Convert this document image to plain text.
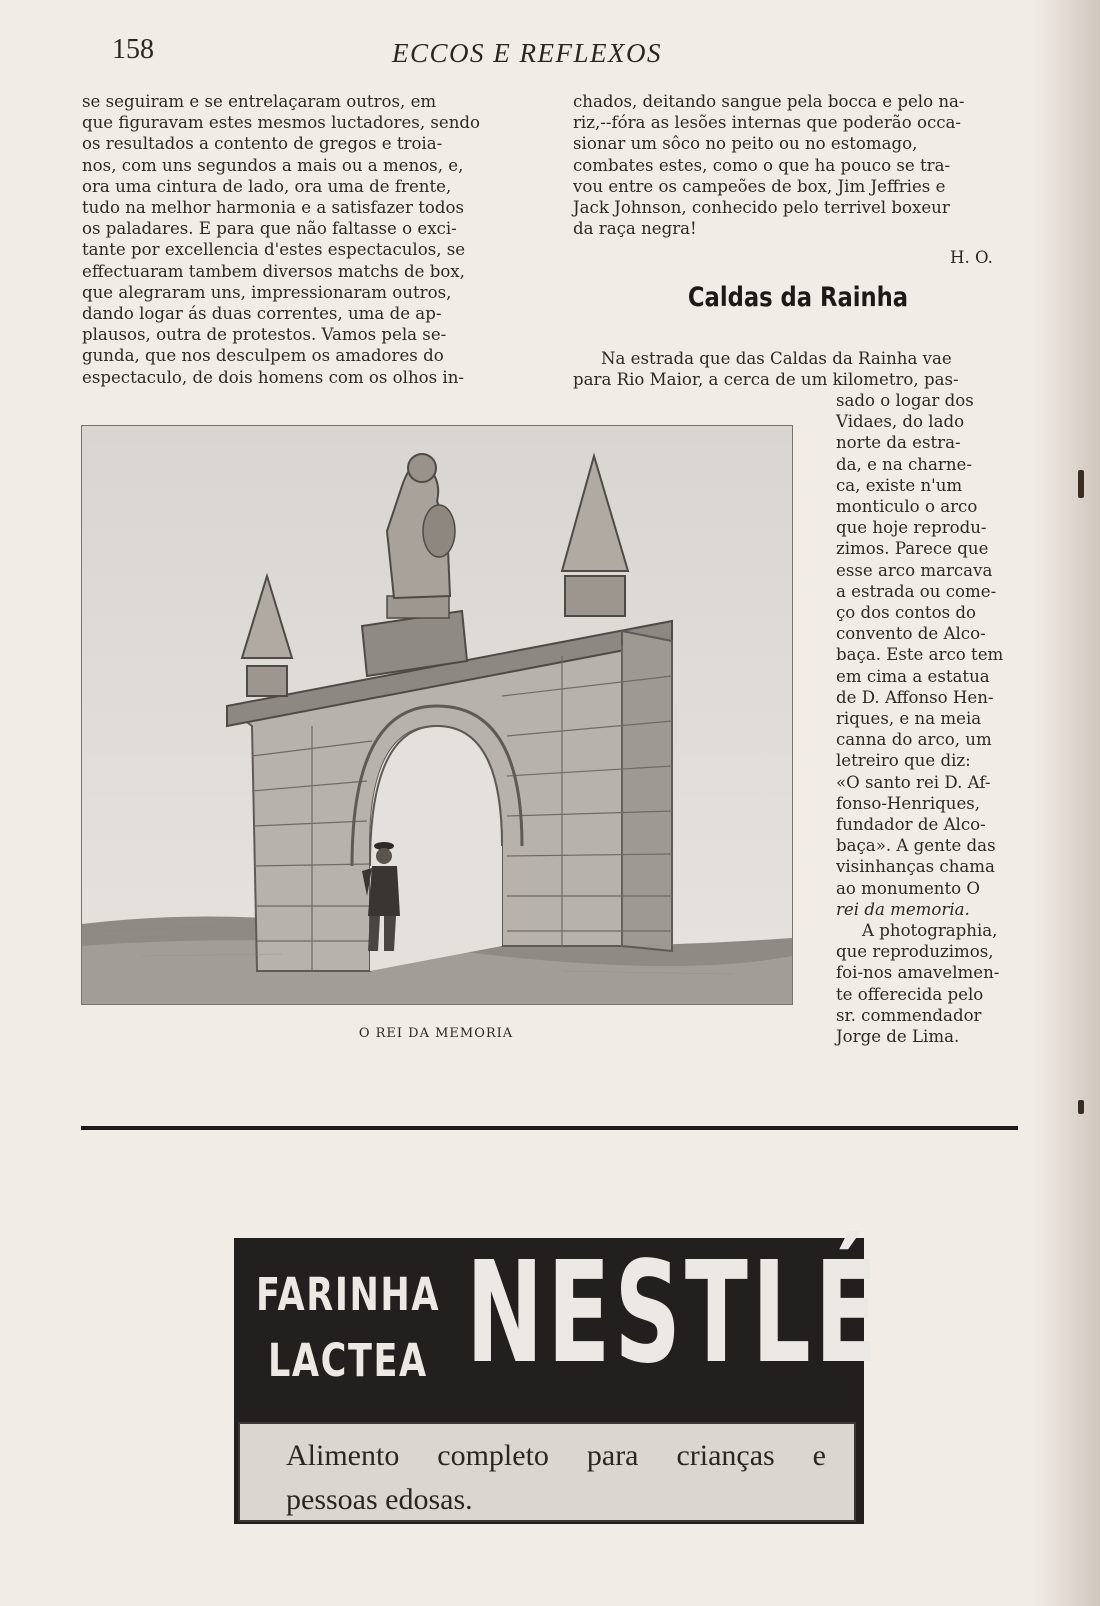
158	ECCOS E REFLEXOS

se seguiram e se entrelaçaram outros, em

que figuravam estes mesmos luctadores, sendo

os resultados a contento de gregos e troia-

nos, com uns segundos a mais ou a menos, e,

ora uma cintura de lado, ora uma de frente,

tudo na melhor harmonia e a satisfazer todos

os paladares. E para que não faltasse o exci-

tante por excellencia d'estes espectaculos, se

effectuaram tambem diversos matchs de box,

que alegraram uns, impressionaram outros,

dando logar ás duas correntes, uma de ap-

plausos, outra de protestos. Vamos pela se-

gunda, que nos desculpem os amadores do

espectaculo, de dois homens com os olhos in-

chados, deitando sangue pela bocca e pelo na-

riz,--fóra as lesões internas que poderão occa-

sionar um sôco no peito ou no estomago,

combates estes, como o que ha pouco se tra-

vou entre os campeões de box, Jim Jeffries e

Jack Johnson, conhecido pelo terrivel boxeur

da raça negra!

H. O.
Caldas da Rainha

Na estrada que das Caldas da Rainha vae

para Rio Maior, a cerca de um kilometro, pas-

sado o logar dos

Vidaes, do lado

norte da estra-

da, e na charne-

ca, existe n'um

monticulo o arco

que hoje reprodu-

zimos. Parece que

esse arco marcava

a estrada ou come-

ço dos contos do

convento de Alco-

baça. Este arco tem

em cima a estatua

de D. Affonso Hen-

riques, e na meia

canna do arco, um

letreiro que diz:

«O santo rei D. Af-

fonso-Henriques,

fundador de Alco-

baça». A gente das

visinhanças chama

ao monumento O

rei da memoria.

A photographia,

que reproduzimos,

foi-nos amavelmen-

te offerecida pelo

sr. commendador

Jorge de Lima.

O REI DA MEMORIA
FARINHA
LACTEA NESTLÉ
Alimento completo para crianças e
pessoas edosas.
